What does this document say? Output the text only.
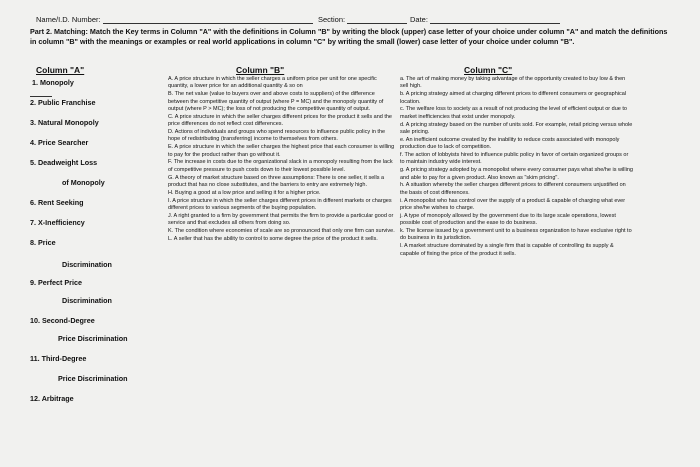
Name/I.D. Number:	Section:	Date:
Part 2. Matching: Match the Key terms in Column "A" with the definitions in Column "B" by writing the block (upper) case letter of your choice under column "A" and match the definitions in column "B" with the meanings or examples or real world applications in column "C" by writing the small (lower) case letter of your choice under column "B".
Column "A"	Column "B"	Column "C"
1. Monopoly
2. Public Franchise
3. Natural Monopoly
4. Price Searcher
5. Deadweight Loss
of Monopoly
6. Rent Seeking
7. X-Inefficiency
8. Price
Discrimination
9. Perfect Price
Discrimination
10. Second-Degree
Price Discrimination
11. Third-Degree
Price Discrimination
12. Arbitrage
A. A price structure in which the seller charges a uniform price per unit for one specific quantity, a lower price for an additional quantity & so on
B. The net value (value to buyers over and above costs to suppliers) of the difference between the competitive quantity of output (where P = MC) and the monopoly quantity of output (where P > MC); the loss of not producing the competitive quantity of output.
C. A price structure in which the seller charges different prices for the product it sells and the price differences do not reflect cost differences.
D. Actions of individuals and groups who spend resources to influence public policy in the hope of redistributing (transferring) income to themselves from others.
E. A price structure in which the seller charges the highest price that each consumer is willing to pay for the product rather than go without it.
F. The increase in costs due to the organizational slack in a monopoly resulting from the lack of competitive pressure to push costs down to their lowest possible level.
G. A theory of market structure based on three assumptions: There is one seller, it sells a product that has no close substitutes, and the barriers to entry are extremely high.
H. Buying a good at a low price and selling it for a higher price.
I. A price structure in which the seller charges different prices in different markets or charges different prices to various segments of the buying population.
J. A right granted to a firm by government that permits the firm to provide a particular good or service and that excludes all others from doing so.
K. The condition where economies of scale are so pronounced that only one firm can survive.
L. A seller that has the ability to control to some degree the price of the product it sells.
a. The art of making money by taking advantage of the opportunity created to buy low & then sell high.
b. A pricing strategy aimed at charging different prices to different consumers or geographical location.
c. The welfare loss to society as a result of not producing the level of efficient output or due to market inefficiencies that exist under monopoly.
d. A pricing strategy based on the number of units sold. For example, retail pricing versus whole sale pricing.
e. An inefficient outcome created by the inability to reduce costs associated with monopoly production due to lack of competition.
f. The action of lobbyists hired to influence public policy in favor of certain organized groups or to maintain industry wide interest.
g. A pricing strategy adopted by a monopolist where every consumer pays what she/he is willing and able to pay for a given product. Also known as "skim pricing".
h. A situation whereby the seller charges different prices to different consumers unjustified on the basis of cost differences.
i. A monopolist who has control over the supply of a product & capable of charging what ever price she/he wishes to charge.
j. A type of monopoly allowed by the government due to its large scale operations, lowest possible cost of production and the ease to do business.
k. The license issued by a government unit to a business organization to have exclusive right to do business in its jurisdiction.
l. A market structure dominated by a single firm that is capable of controlling its supply & capable of fixing the price of the product it sells.
